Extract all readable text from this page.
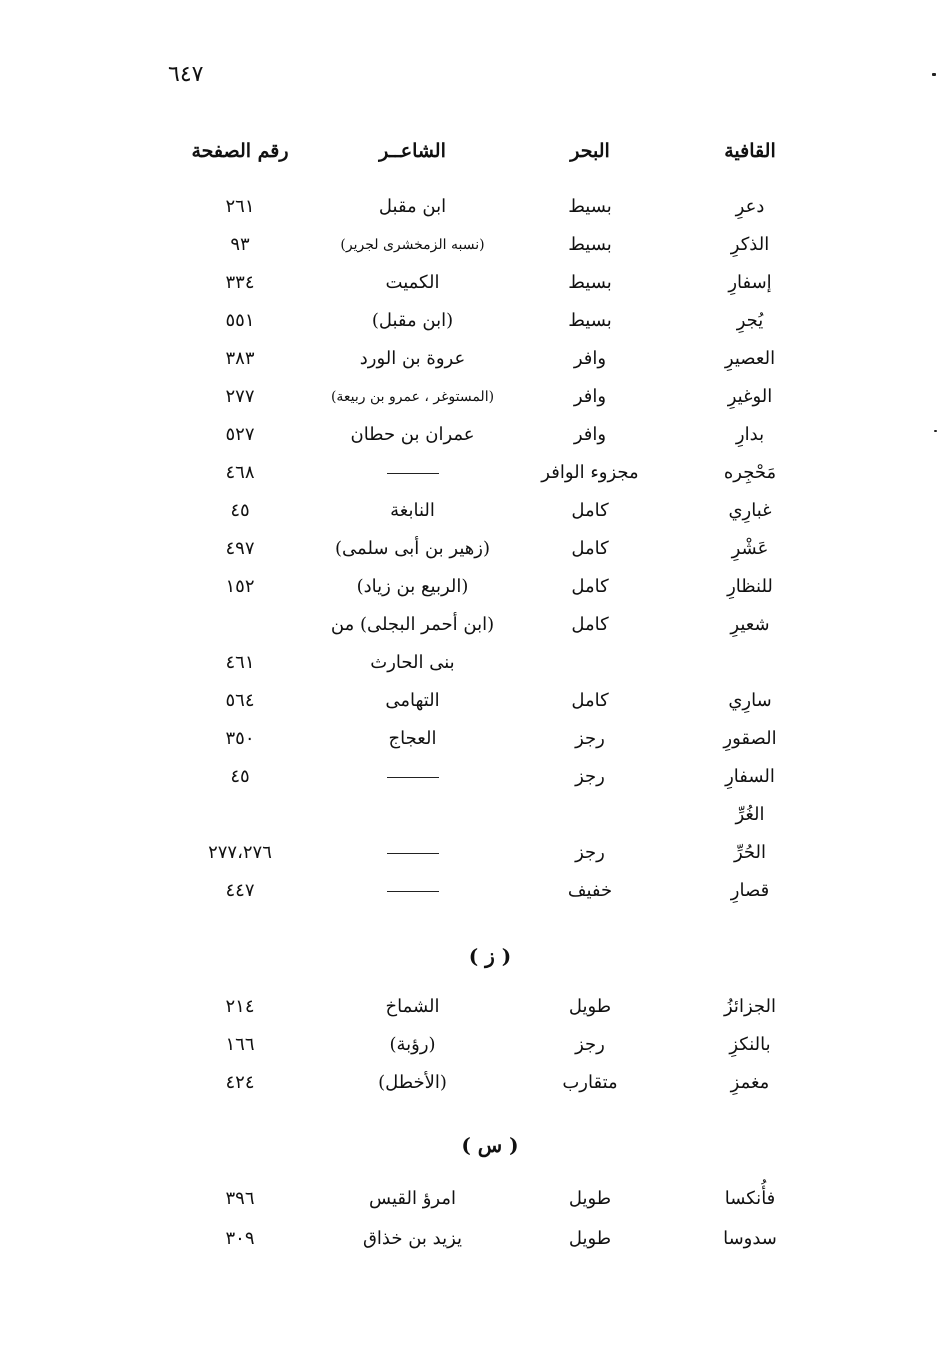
٦٤٧
القافية
البحر
الشاعــر
رقم الصفحة
دعرِ
بسيط
ابن مقبل
٢٦١
الذكرِ
بسيط
(نسبه الزمخشرى لجرير)
٩٣
إسفارِ
بسيط
الكميت
٣٣٤
يُجرِ
بسيط
(ابن مقبل)
٥٥١
العصيرِ
وافر
عروة بن الورد
٣٨٣
الوغيرِ
وافر
(المستوغر ، عمرو بن ربيعة)
٢٧٧
بدارِ
وافر
عمران بن حطان
٥٢٧
مَحْجِره
مجزوء الوافر
٤٦٨
غبارِي
كامل
النابغة
٤٥
عَشْرِ
كامل
(زهير بن أبى سلمى)
٤٩٧
للنظارِ
كامل
(الربيع بن زياد)
١٥٢
شعيرِ
كامل
(ابن أحمر البجلى) من
بنى الحارث
٤٦١
سارِي
كامل
التهامى
٥٦٤
الصقورِ
رجز
العجاج
٣٥٠
السفارِ
رجز
٤٥
الغُرِّ
الحُرِّ
رجز
٢٧٧،٢٧٦
قصارِ
خفيف
٤٤٧
( ز )
الجزائزُ
طويل
الشماخ
٢١٤
بالنكزِ
رجز
(رؤبة)
١٦٦
مغمزِ
متقارب
(الأخطل)
٤٢٤
( س )
فأُنكسا
طويل
امرؤ القيس
٣٩٦
سدوسا
طويل
يزيد بن خذاق
٣٠٩
